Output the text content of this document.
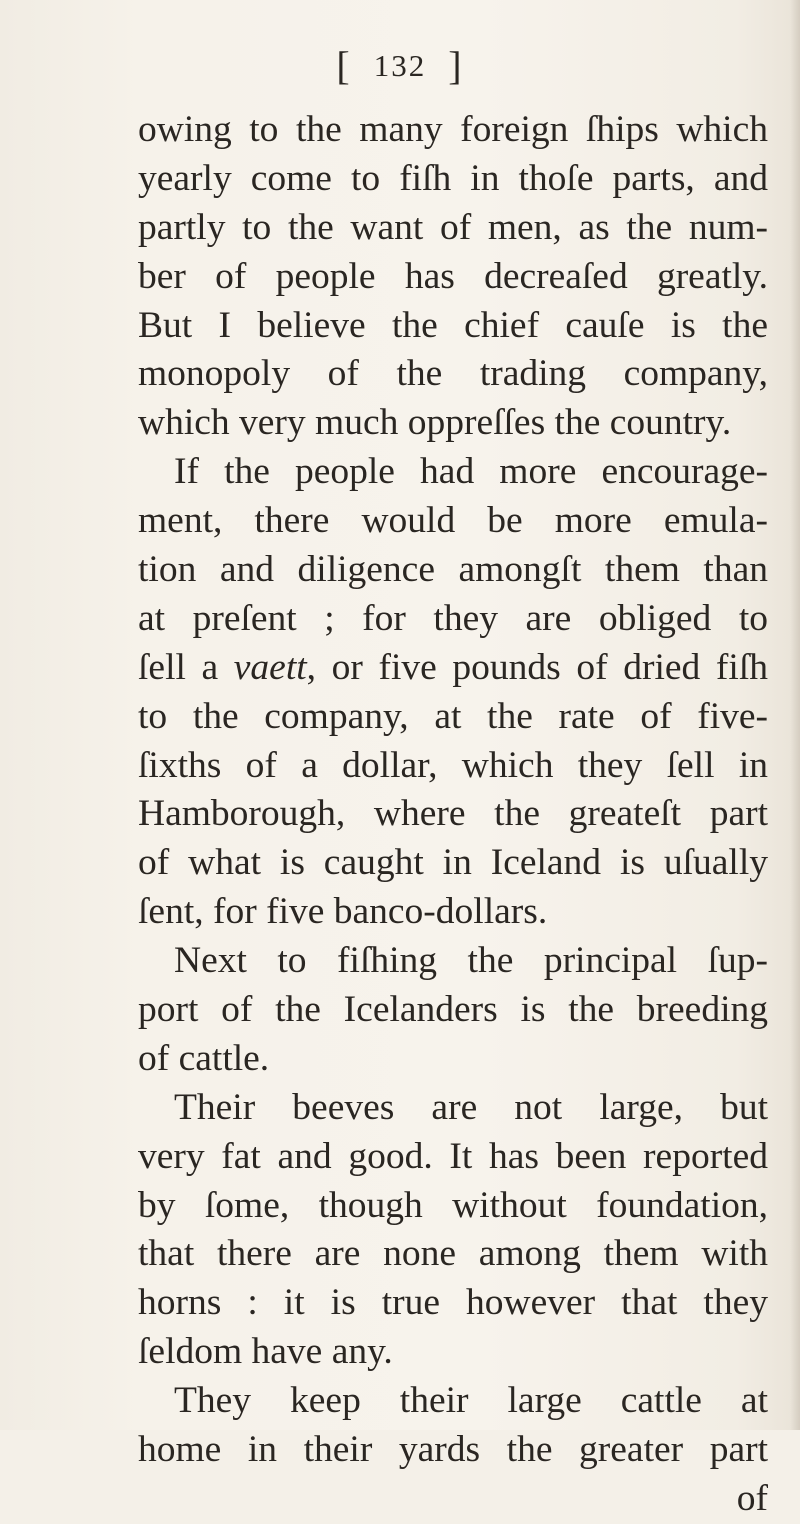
[ 132 ]
owing to the many foreign ſhips which
yearly come to fiſh in thoſe parts, and
partly to the want of men, as the num-
ber of people has decreaſed greatly.
But I believe the chief cauſe is the
monopoly of the trading company,
which very much oppreſſes the country.
If the people had more encourage-
ment, there would be more emula-
tion and diligence amongſt them than
at preſent ; for they are obliged to
ſell a vaett, or five pounds of dried fiſh
to the company, at the rate of five-
ſixths of a dollar, which they ſell in
Hamborough, where the greateſt part
of what is caught in Iceland is uſually
ſent, for five banco-dollars.
Next to fiſhing the principal ſup-
port of the Icelanders is the breeding
of cattle.
Their beeves are not large, but
very fat and good. It has been reported
by ſome, though without foundation,
that there are none among them with
horns : it is true however that they
ſeldom have any.
They keep their large cattle at
home in their yards the greater part
of
